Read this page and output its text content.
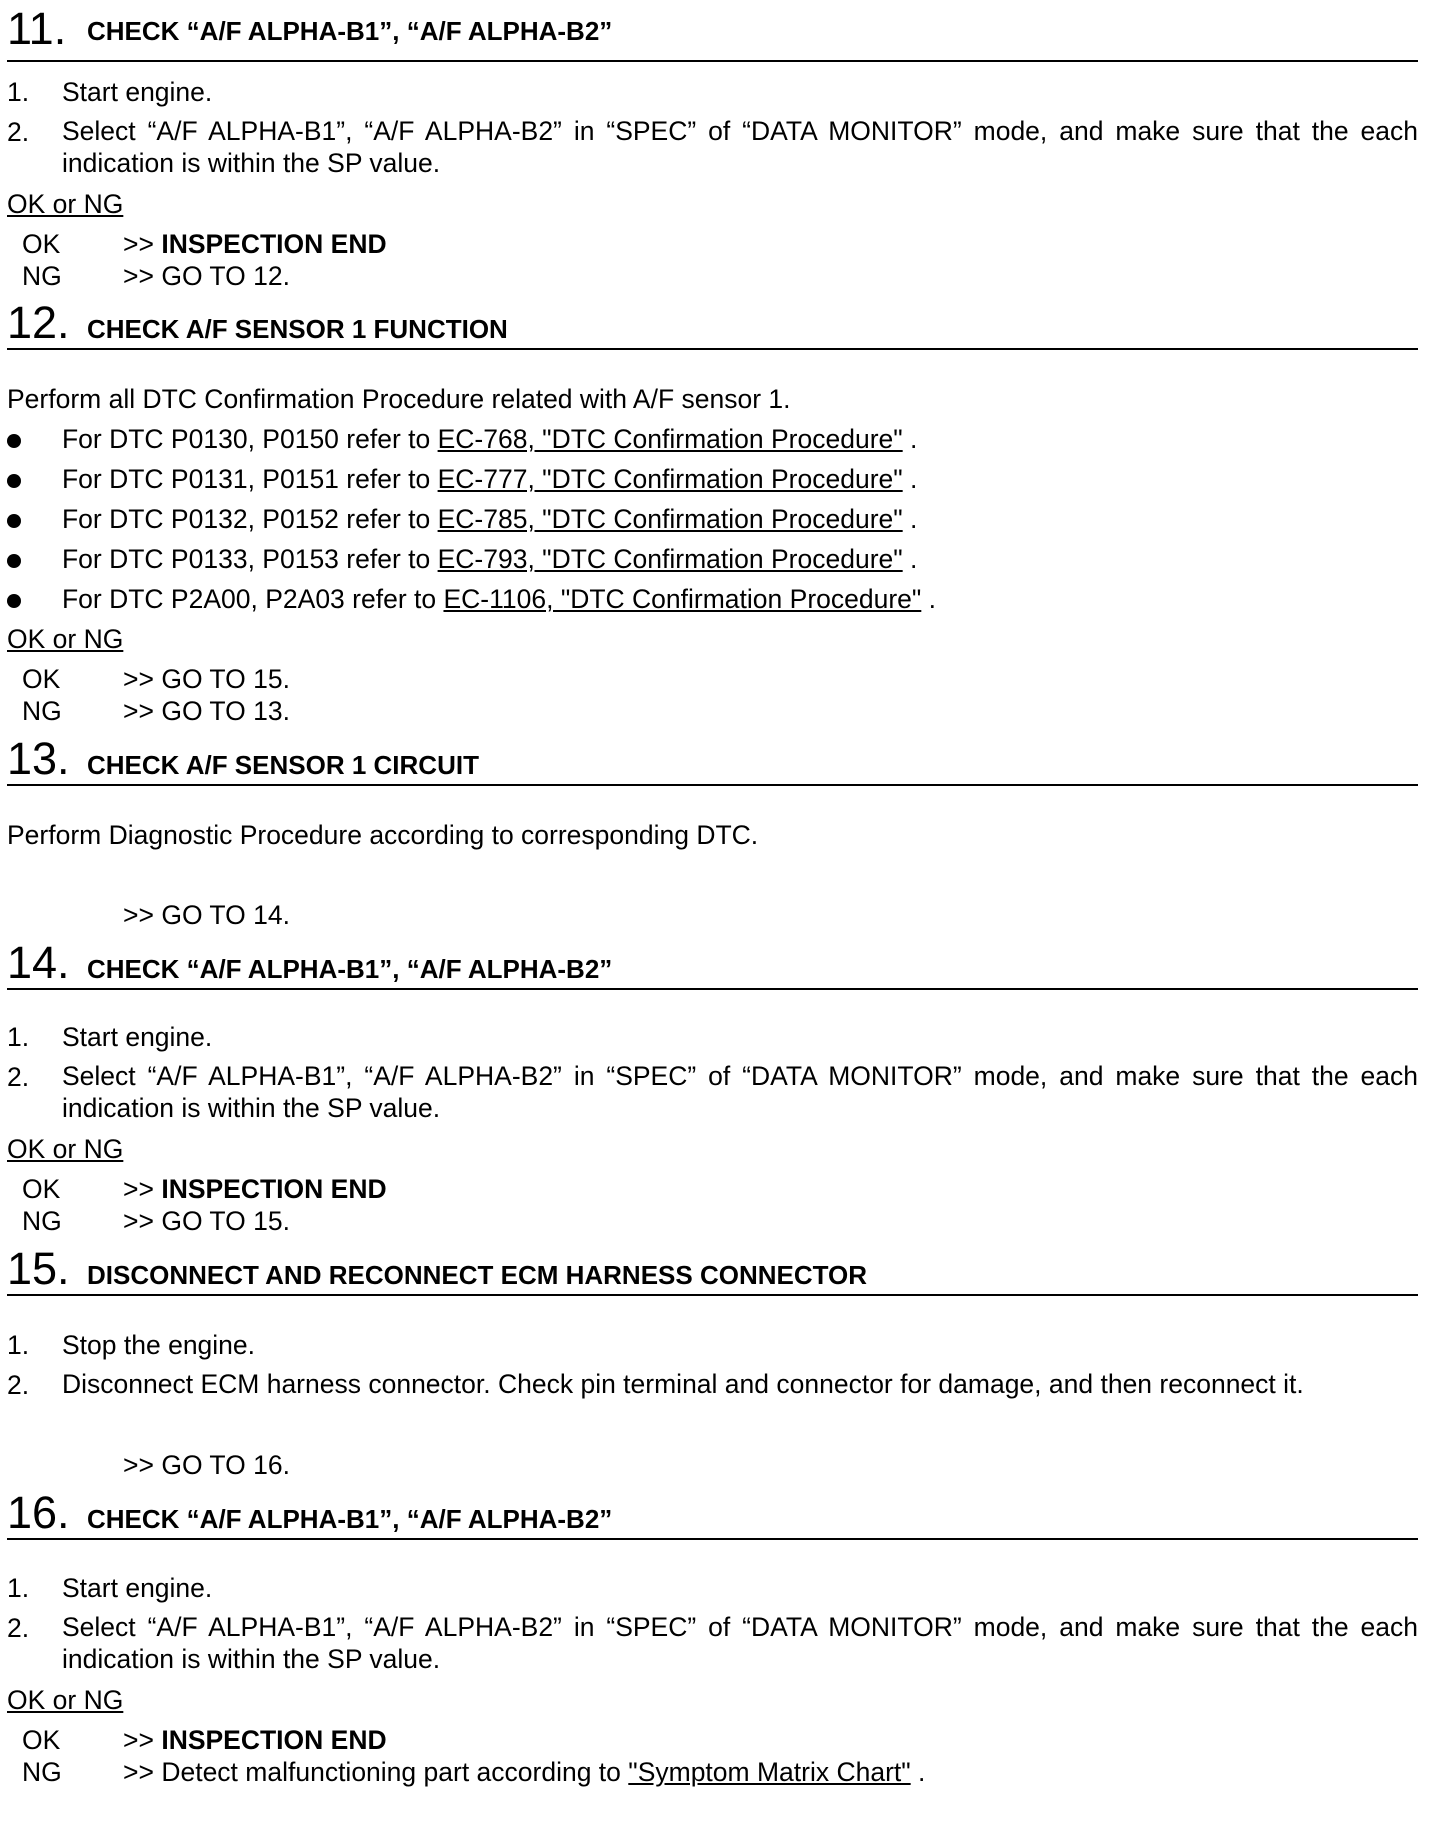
11. CHECK “A/F ALPHA-B1”, “A/F ALPHA-B2”
1. Start engine.
2. Select “A/F ALPHA-B1”, “A/F ALPHA-B2” in “SPEC” of “DATA MONITOR” mode, and make sure that the each indication is within the SP value.
OK or NG
OK >> INSPECTION END
NG >> GO TO 12.
12. CHECK A/F SENSOR 1 FUNCTION
Perform all DTC Confirmation Procedure related with A/F sensor 1.
For DTC P0130, P0150 refer to EC-768, "DTC Confirmation Procedure" .
For DTC P0131, P0151 refer to EC-777, "DTC Confirmation Procedure" .
For DTC P0132, P0152 refer to EC-785, "DTC Confirmation Procedure" .
For DTC P0133, P0153 refer to EC-793, "DTC Confirmation Procedure" .
For DTC P2A00, P2A03 refer to EC-1106, "DTC Confirmation Procedure" .
OK or NG
OK >> GO TO 15.
NG >> GO TO 13.
13. CHECK A/F SENSOR 1 CIRCUIT
Perform Diagnostic Procedure according to corresponding DTC.
>> GO TO 14.
14. CHECK “A/F ALPHA-B1”, “A/F ALPHA-B2”
1. Start engine.
2. Select “A/F ALPHA-B1”, “A/F ALPHA-B2” in “SPEC” of “DATA MONITOR” mode, and make sure that the each indication is within the SP value.
OK or NG
OK >> INSPECTION END
NG >> GO TO 15.
15. DISCONNECT AND RECONNECT ECM HARNESS CONNECTOR
1. Stop the engine.
2. Disconnect ECM harness connector. Check pin terminal and connector for damage, and then reconnect it.
>> GO TO 16.
16. CHECK “A/F ALPHA-B1”, “A/F ALPHA-B2”
1. Start engine.
2. Select “A/F ALPHA-B1”, “A/F ALPHA-B2” in “SPEC” of “DATA MONITOR” mode, and make sure that the each indication is within the SP value.
OK or NG
OK >> INSPECTION END
NG >> Detect malfunctioning part according to "Symptom Matrix Chart" .
